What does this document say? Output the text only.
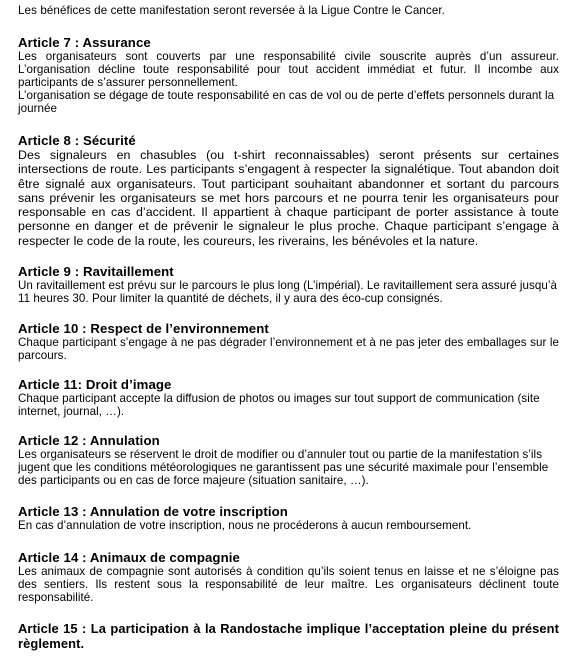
Les bénéfices de cette manifestation seront reversée à la Ligue Contre le Cancer.

Article 7 : Assurance

Les organisateurs sont couverts par une responsabilité civile souscrite auprès d’un assureur. L’organisation décline toute responsabilité pour tout accident immédiat et futur. Il incombe aux participants de s’assurer personnellement.

L’organisation se dégage de toute responsabilité en cas de vol ou de perte d’effets personnels durant la journée

Article 8 : Sécurité

Des signaleurs en chasubles (ou t-shirt reconnaissables) seront présents sur certaines intersections de route. Les participants s’engagent à respecter la signalétique. Tout abandon doit être signalé aux organisateurs. Tout participant souhaitant abandonner et sortant du parcours sans prévenir les organisateurs se met hors parcours et ne pourra tenir les organisateurs pour responsable en cas d’accident. Il appartient à chaque participant de porter assistance à toute personne en danger et de prévenir le signaleur le plus proche. Chaque participant s’engage à respecter le code de la route, les coureurs, les riverains, les bénévoles et la nature.

Article 9 : Ravitaillement

Un ravitaillement est prévu sur le parcours le plus long (L’impérial). Le ravitaillement sera assuré jusqu’à 11 heures 30. Pour limiter la quantité de déchets, il y aura des éco-cup consignés.

Article 10 : Respect de l’environnement

Chaque participant s’engage à ne pas dégrader l’environnement et à ne pas jeter des emballages sur le parcours.

Article 11: Droit d’image

Chaque participant accepte la diffusion de photos ou images sur tout support de communication (site internet, journal, …).

Article 12 : Annulation

Les organisateurs se réservent le droit de modifier ou d’annuler tout ou partie de la manifestation s’ils jugent que les conditions météorologiques ne garantissent pas une sécurité maximale pour l’ensemble des participants ou en cas de force majeure (situation sanitaire, …).

Article 13 : Annulation de votre inscription

En cas d’annulation de votre inscription, nous ne procéderons à aucun remboursement.

Article 14 : Animaux de compagnie

Les animaux de compagnie sont autorisés à condition qu’ils soient tenus en laisse et ne s’éloigne pas des sentiers. Ils restent sous la responsabilité de leur maître. Les organisateurs déclinent toute responsabilité.

Article 15 : La participation à la Randostache implique l’acceptation pleine du présent règlement.
